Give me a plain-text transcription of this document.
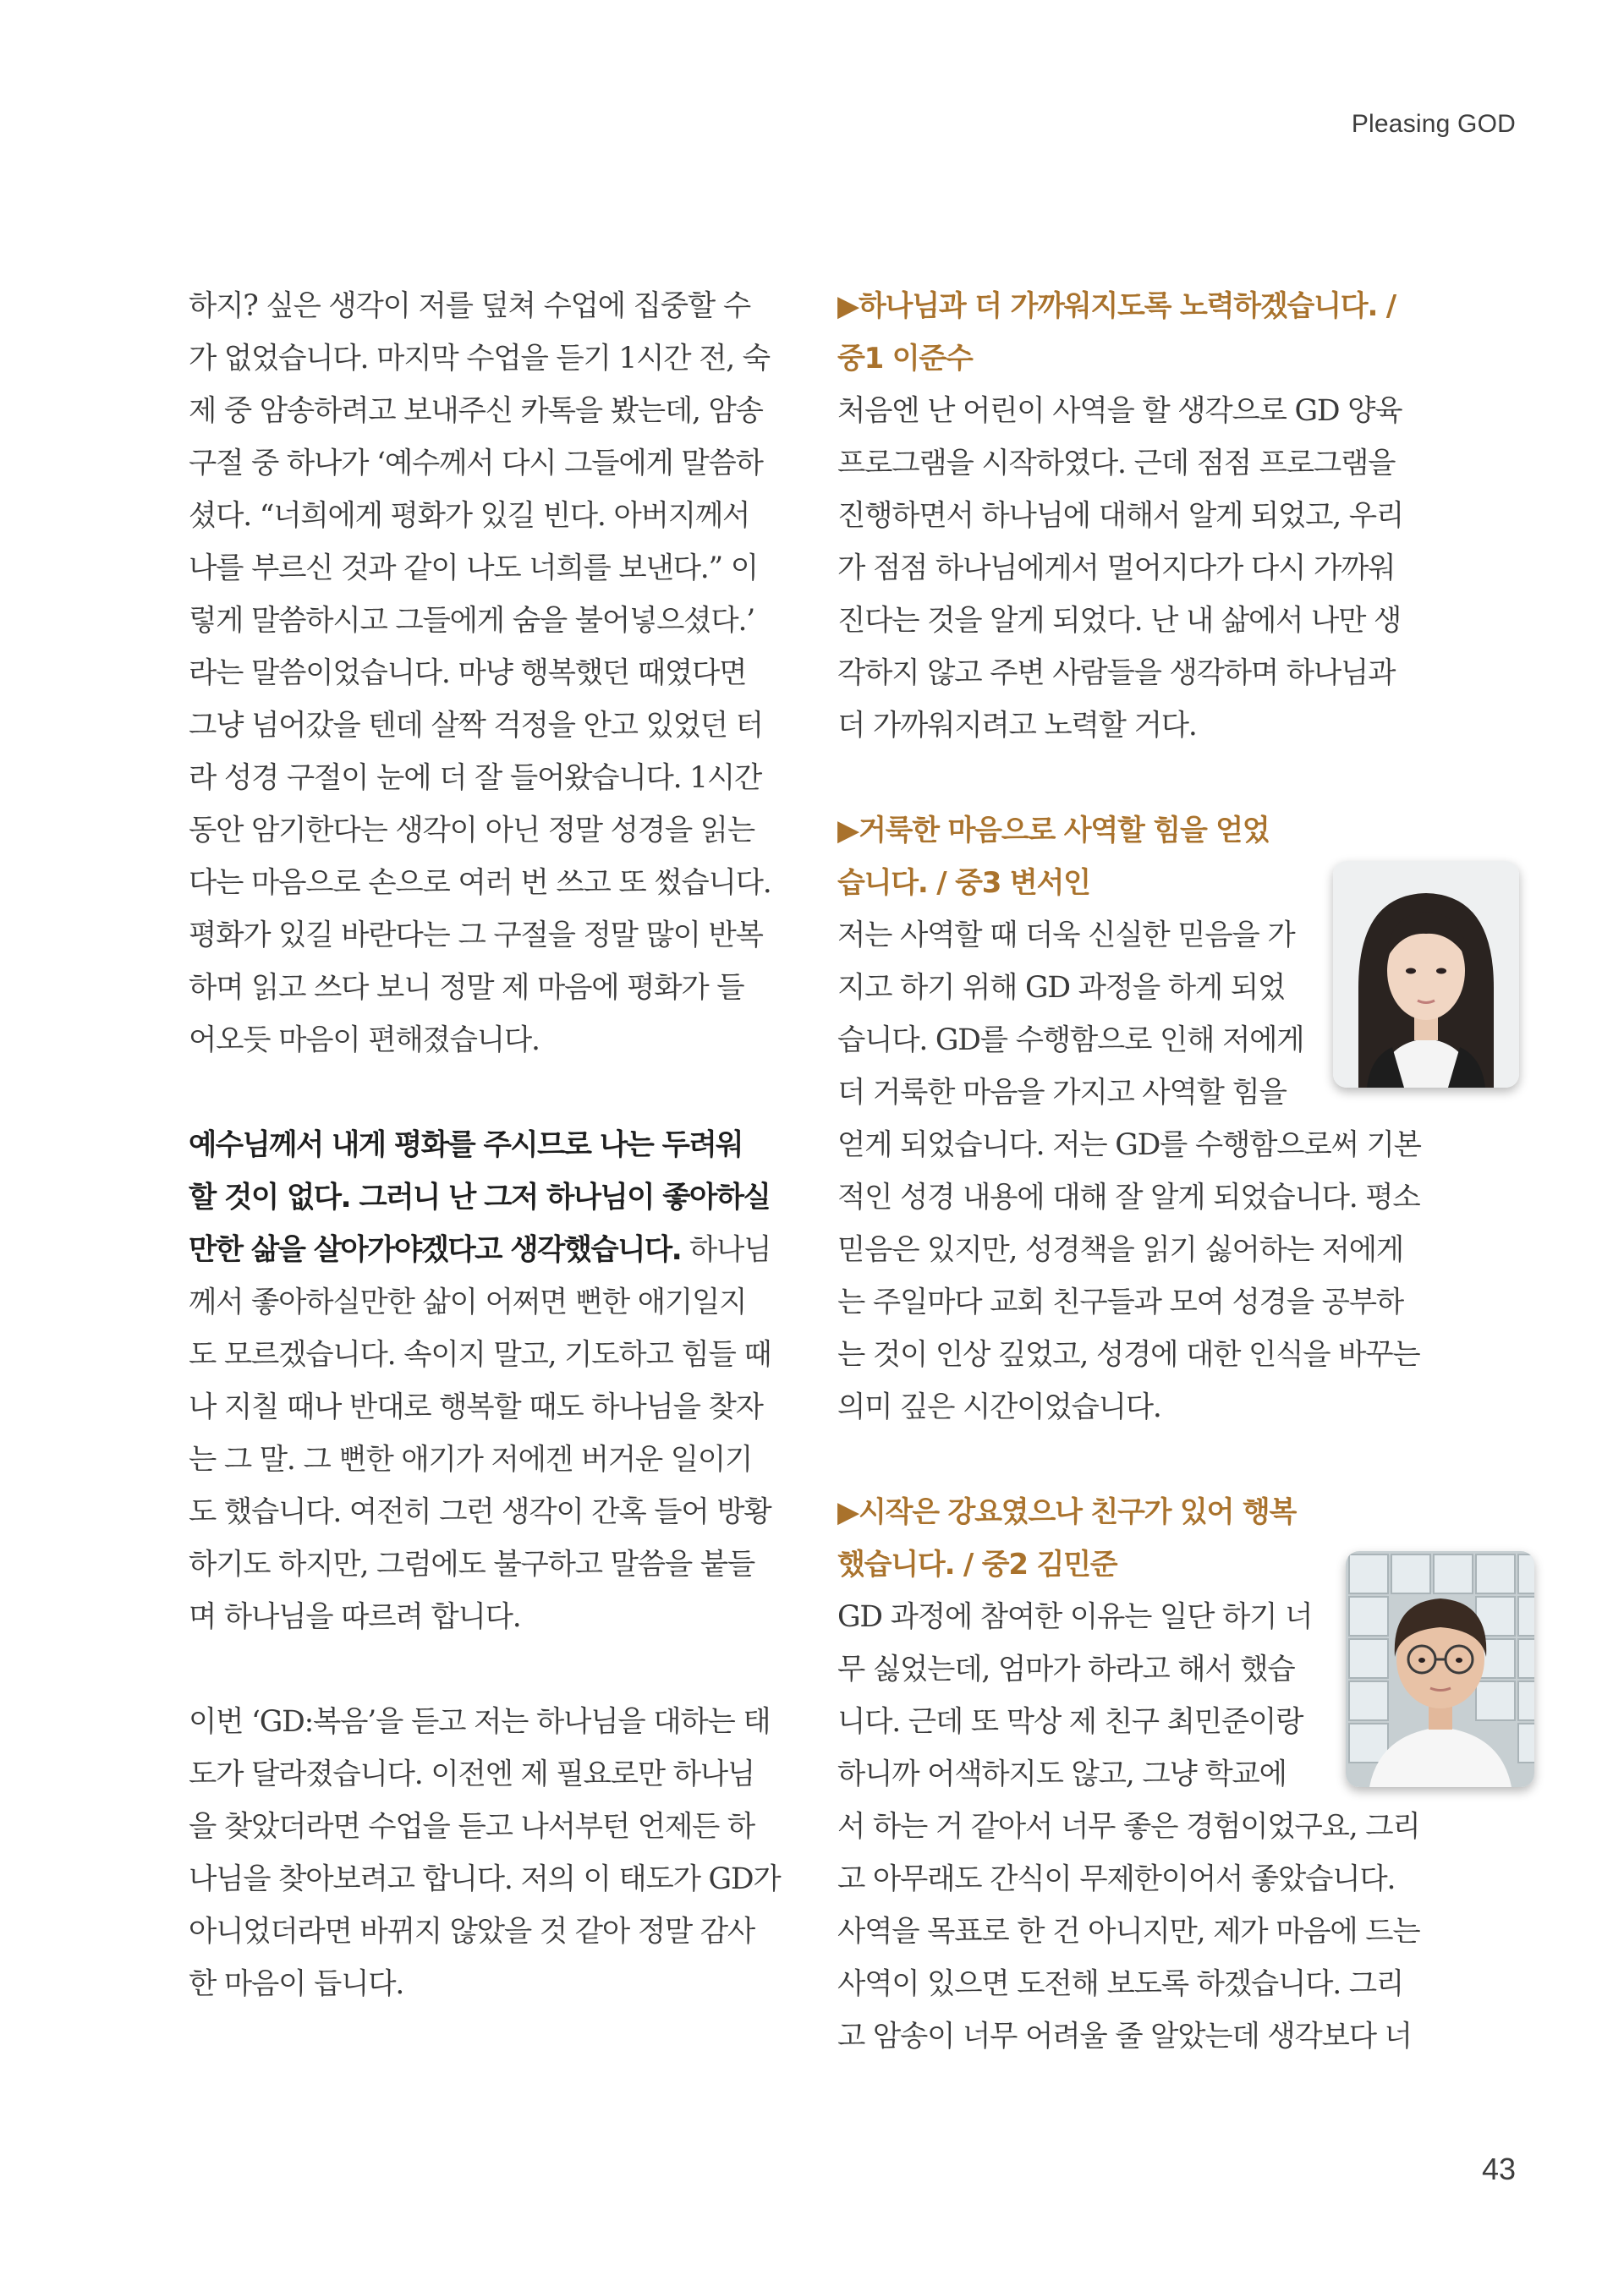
Pleasing GOD
하지? 싶은 생각이 저를 덮쳐 수업에 집중할 수
가 없었습니다. 마지막 수업을 듣기 1시간 전, 숙
제 중 암송하려고 보내주신 카톡을 봤는데, 암송
구절 중 하나가 ‘예수께서 다시 그들에게 말씀하
셨다. “너희에게 평화가 있길 빈다. 아버지께서
나를 부르신 것과 같이 나도 너희를 보낸다.” 이
렇게 말씀하시고 그들에게 숨을 불어넣으셨다.’
라는 말씀이었습니다. 마냥 행복했던 때였다면
그냥 넘어갔을 텐데 살짝 걱정을 안고 있었던 터
라 성경 구절이 눈에 더 잘 들어왔습니다. 1시간
동안 암기한다는 생각이 아닌 정말 성경을 읽는
다는 마음으로 손으로 여러 번 쓰고 또 썼습니다.
평화가 있길 바란다는 그 구절을 정말 많이 반복
하며 읽고 쓰다 보니 정말 제 마음에 평화가 들
어오듯 마음이 편해졌습니다.
예수님께서 내게 평화를 주시므로 나는 두려워
할 것이 없다. 그러니 난 그저 하나님이 좋아하실
만한 삶을 살아가야겠다고 생각했습니다. 하나님
께서 좋아하실만한 삶이 어쩌면 뻔한 애기일지
도 모르겠습니다. 속이지 말고, 기도하고 힘들 때
나 지칠 때나 반대로 행복할 때도 하나님을 찾자
는 그 말. 그 뻔한 애기가 저에겐 버거운 일이기
도 했습니다. 여전히 그런 생각이 간혹 들어 방황
하기도 하지만, 그럼에도 불구하고 말씀을 붙들
며 하나님을 따르려 합니다.
이번 ‘GD:복음’을 듣고 저는 하나님을 대하는 태
도가 달라졌습니다. 이전엔 제 필요로만 하나님
을 찾았더라면 수업을 듣고 나서부턴 언제든 하
나님을 찾아보려고 합니다. 저의 이 태도가 GD가
아니었더라면 바뀌지 않았을 것 같아 정말 감사
한 마음이 듭니다.
▶하나님과 더 가까워지도록 노력하겠습니다. /
중1 이준수
처음엔 난 어린이 사역을 할 생각으로 GD 양육
프로그램을 시작하였다. 근데 점점 프로그램을
진행하면서 하나님에 대해서 알게 되었고, 우리
가 점점 하나님에게서 멀어지다가 다시 가까워
진다는 것을 알게 되었다. 난 내 삶에서 나만 생
각하지 않고 주변 사람들을 생각하며 하나님과
더 가까워지려고 노력할 거다.
▶거룩한 마음으로 사역할 힘을 얻었
습니다. / 중3 변서인
저는 사역할 때 더욱 신실한 믿음을 가
지고 하기 위해 GD 과정을 하게 되었
습니다. GD를 수행함으로 인해 저에게
더 거룩한 마음을 가지고 사역할 힘을
얻게 되었습니다. 저는 GD를 수행함으로써 기본
적인 성경 내용에 대해 잘 알게 되었습니다. 평소
믿음은 있지만, 성경책을 읽기 싫어하는 저에게
는 주일마다 교회 친구들과 모여 성경을 공부하
는 것이 인상 깊었고, 성경에 대한 인식을 바꾸는
의미 깊은 시간이었습니다.
▶시작은 강요였으나 친구가 있어 행복
했습니다. / 중2 김민준
GD 과정에 참여한 이유는 일단 하기 너
무 싫었는데, 엄마가 하라고 해서 했습
니다. 근데 또 막상 제 친구 최민준이랑
하니까 어색하지도 않고, 그냥 학교에
서 하는 거 같아서 너무 좋은 경험이었구요, 그리
고 아무래도 간식이 무제한이어서 좋았습니다.
사역을 목표로 한 건 아니지만, 제가 마음에 드는
사역이 있으면 도전해 보도록 하겠습니다. 그리
고 암송이 너무 어려울 줄 알았는데 생각보다 너
43
